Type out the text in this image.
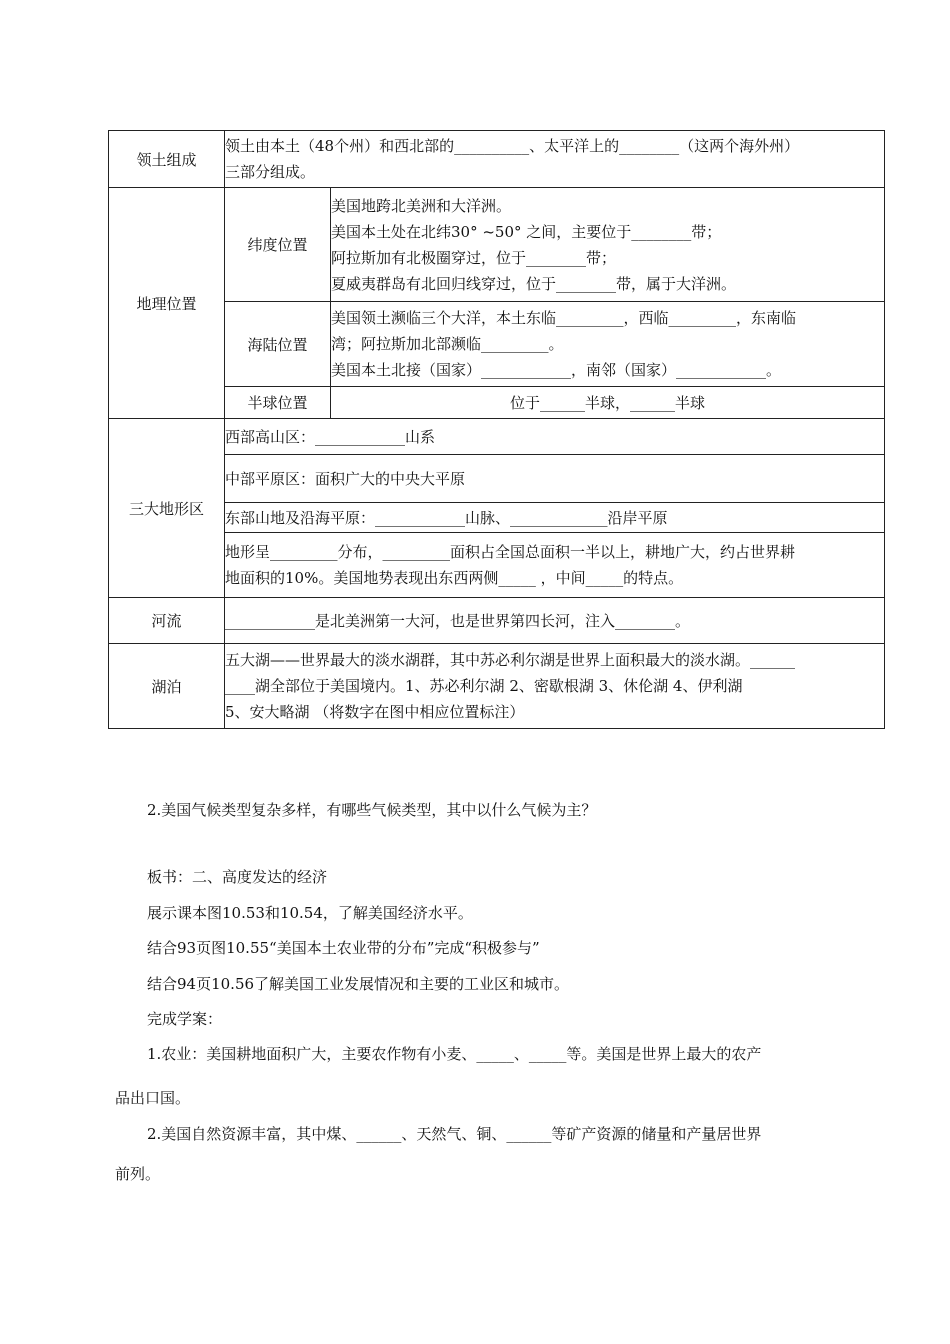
领土组成	领土由本土（48个州）和西北部的__________、太平洋上的________（这两个海外州）
三部分组成。	

地理位置	纬度位置	美国地跨北美洲和大洋洲。
美国本土处在北纬30° ~50° 之间，主要位于________带；
阿拉斯加有北极圈穿过，位于________带；
夏威夷群岛有北回归线穿过，位于________带，属于大洋洲。

	海陆位置	美国领土濒临三个大洋，本土东临_________，西临_________，东南临
湾；阿拉斯加北部濒临_________。
美国本土北接（国家）____________，南邻（国家）____________。

	半球位置	位于______半球，______半球
三大地形区	西部高山区：____________山系	
	中部平原区：面积广大的中央大平原	
	东部山地及沿海平原：____________山脉、_____________沿岸平原	

	地形呈_________分布，_________面积占全国总面积一半以上，耕地广大，约占世界耕
地面积的10%。美国地势表现出东西两侧_____ ，中间_____的特点。	

河流	____________是北美洲第一大河，也是世界第四长河，注入________。	
湖泊	五大湖——世界最大的淡水湖群，其中苏必利尔湖是世界上面积最大的淡水湖。______
____湖全部位于美国境内。1、苏必利尔湖 2、密歇根湖 3、休伦湖 4、伊利湖
5、安大略湖 （将数字在图中相应位置标注）	
2.美国气候类型复杂多样，有哪些气候类型，其中以什么气候为主？
板书：二、高度发达的经济
展示课本图10.53和10.54，了解美国经济水平。
结合93页图10.55“美国本土农业带的分布”完成“积极参与”
结合94页10.56了解美国工业发展情况和主要的工业区和城市。
完成学案：
1.农业：美国耕地面积广大，主要农作物有小麦、_____、_____等。美国是世界上最大的农产
品出口国。
2.美国自然资源丰富，其中煤、______、天然气、铜、______等矿产资源的储量和产量居世界
前列。
